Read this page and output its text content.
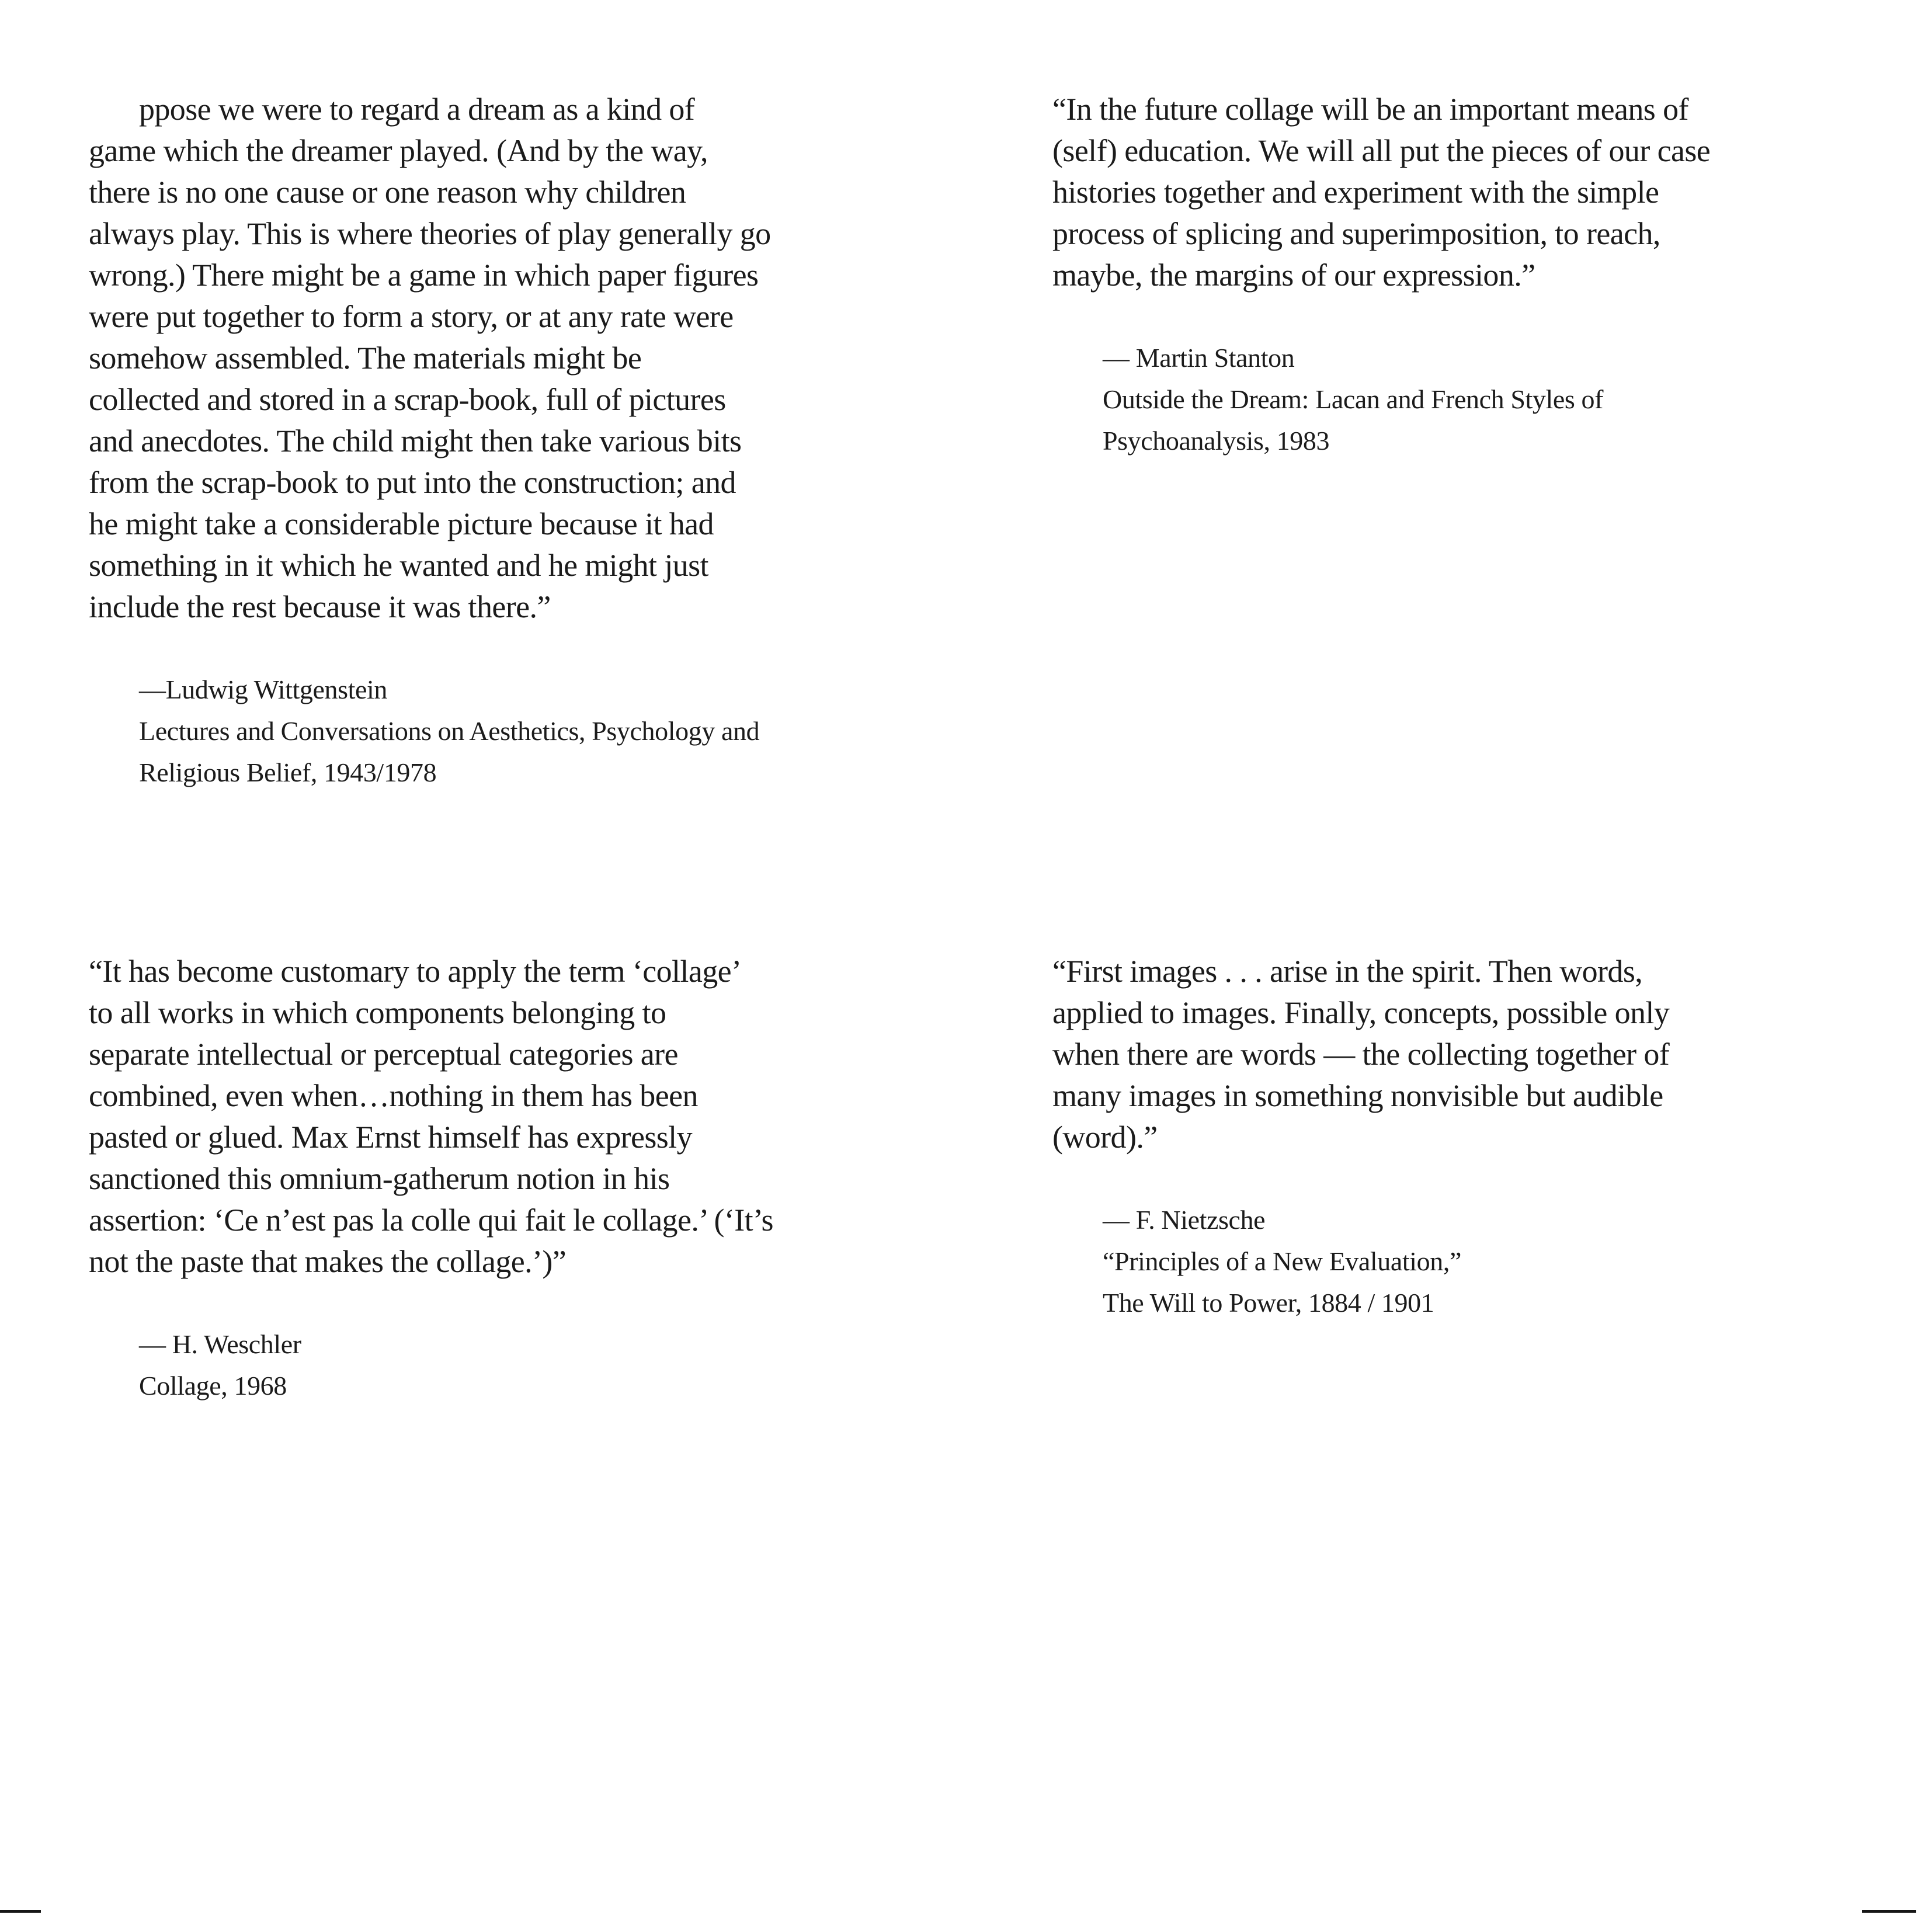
ppose we were to regard a dream as a kind of
game which the dreamer played. (And by the way,
there is no one cause or one reason why children
always play. This is where theories of play generally go
wrong.) There might be a game in which paper figures
were put together to form a story, or at any rate were
somehow assembled. The materials might be
collected and stored in a scrap-book, full of pictures
and anecdotes. The child might then take various bits
from the scrap-book to put into the construction; and
he might take a considerable picture because it had
something in it which he wanted and he might just
include the rest because it was there.”
—Ludwig Wittgenstein
Lectures and Conversations on Aesthetics, Psychology and
Religious Belief, 1943/1978
“In the future collage will be an important means of
(self) education. We will all put the pieces of our case
histories together and experiment with the simple
process of splicing and superimposition, to reach,
maybe, the margins of our expression.”
— Martin Stanton
Outside the Dream: Lacan and French Styles of
Psychoanalysis, 1983
“It has become customary to apply the term ‘collage’
to all works in which components belonging to
separate intellectual or perceptual categories are
combined, even when…nothing in them has been
pasted or glued. Max Ernst himself has expressly
sanctioned this omnium-gatherum notion in his
assertion: ‘Ce n’est pas la colle qui fait le collage.’ (‘It’s
not the paste that makes the collage.’)”
— H. Weschler
Collage, 1968
“First images . . . arise in the spirit. Then words,
applied to images. Finally, concepts, possible only
when there are words — the collecting together of
many images in something nonvisible but audible
(word).”
— F. Nietzsche
“Principles of a New Evaluation,”
The Will to Power, 1884 / 1901
